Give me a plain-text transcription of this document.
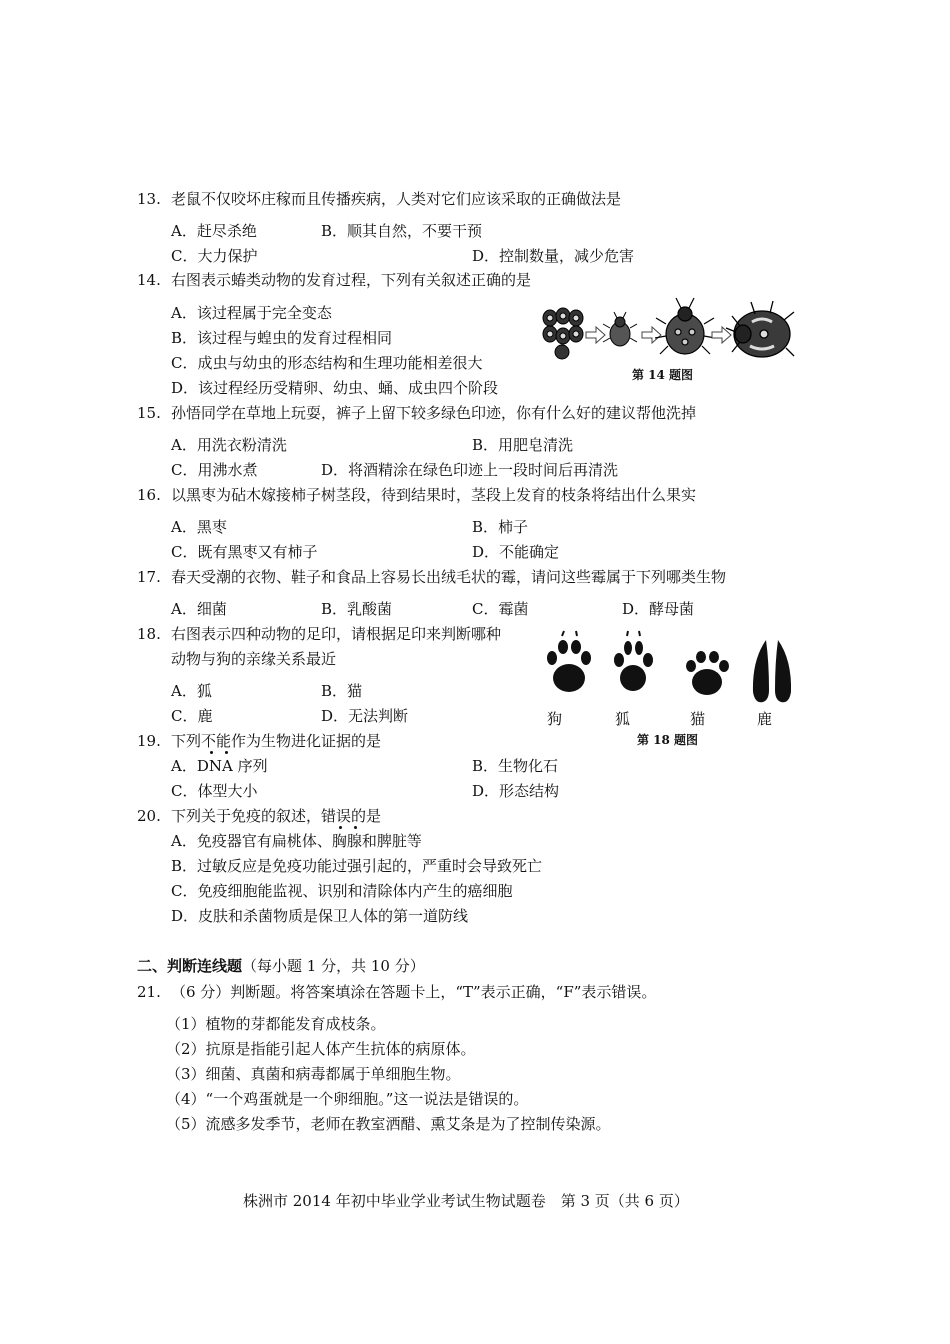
13. 老鼠不仅咬坏庄稼而且传播疾病，人类对它们应该采取的正确做法是
A．赶尽杀绝	B．顺其自然，不要干预
C．大力保护	D．控制数量，减少危害
14. 右图表示蝽类动物的发育过程，下列有关叙述正确的是
A．该过程属于完全变态
B．该过程与蝗虫的发育过程相同
C．成虫与幼虫的形态结构和生理功能相差很大
D．该过程经历受精卵、幼虫、蛹、成虫四个阶段
第 14 题图
15. 孙悟同学在草地上玩耍，裤子上留下较多绿色印迹，你有什么好的建议帮他洗掉
A．用洗衣粉清洗	B．用肥皂清洗
C．用沸水煮	D．将酒精涂在绿色印迹上一段时间后再清洗
16. 以黑枣为砧木嫁接柿子树茎段，待到结果时，茎段上发育的枝条将结出什么果实
A．黑枣	B．柿子
C．既有黑枣又有柿子	D．不能确定
17. 春天受潮的衣物、鞋子和食品上容易长出绒毛状的霉，请问这些霉属于下列哪类生物
A．细菌	B．乳酸菌	C．霉菌	D．酵母菌
18. 右图表示四种动物的足印，请根据足印来判断哪种
动物与狗的亲缘关系最近
A．狐	B．猫
C．鹿	D．无法判断	狗	狐	猫	鹿
第 18 题图
19. 下列不能作为生物进化证据的是
A．DNA 序列	B．生物化石
C．体型大小	D．形态结构
20. 下列关于免疫的叙述，错误的是
A．免疫器官有扁桃体、胸腺和脾脏等
B．过敏反应是免疫功能过强引起的，严重时会导致死亡
C．免疫细胞能监视、识别和清除体内产生的癌细胞
D．皮肤和杀菌物质是保卫人体的第一道防线
二、判断连线题（每小题 1 分，共 10 分）
21. （6 分）判断题。将答案填涂在答题卡上，“T”表示正确，“F”表示错误。
（1）植物的芽都能发育成枝条。
（2）抗原是指能引起人体产生抗体的病原体。
（3）细菌、真菌和病毒都属于单细胞生物。
（4）“一个鸡蛋就是一个卵细胞。”这一说法是错误的。
（5）流感多发季节，老师在教室洒醋、熏艾条是为了控制传染源。
株洲市 2014 年初中毕业学业考试生物试题卷　第 3 页（共 6 页）
